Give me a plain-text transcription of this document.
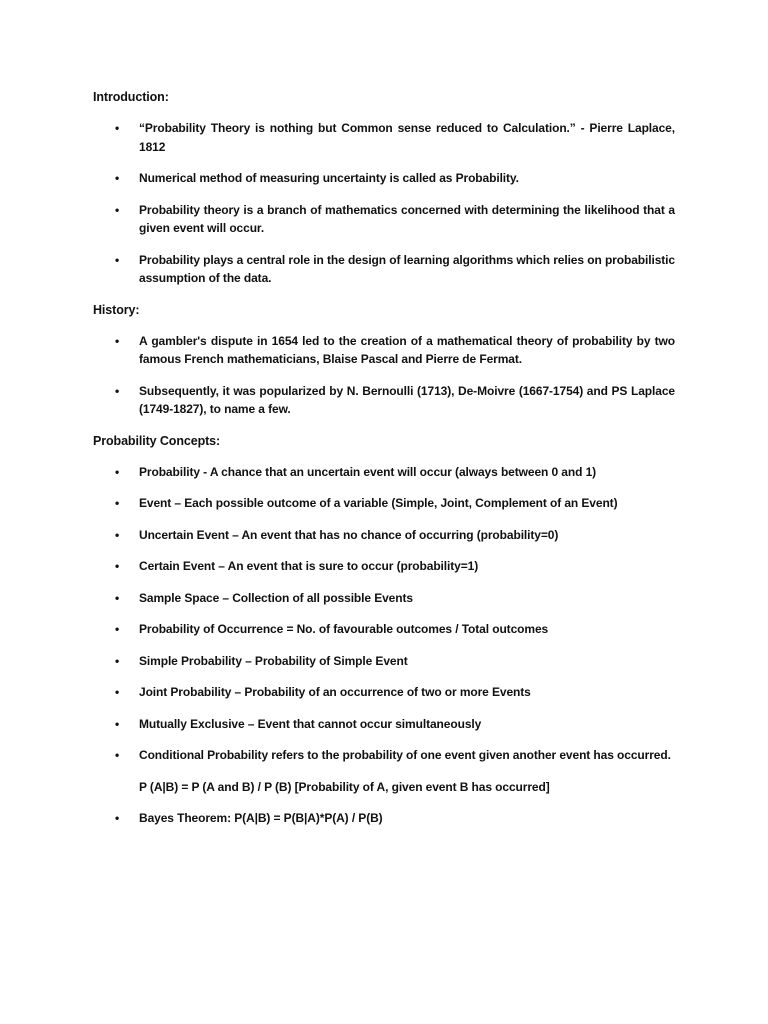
Introduction:
• “Probability Theory is nothing but Common sense reduced to Calculation.” - Pierre Laplace, 1812
• Numerical method of measuring uncertainty is called as Probability.
• Probability theory is a branch of mathematics concerned with determining the likelihood that a given event will occur.
• Probability plays a central role in the design of learning algorithms which relies on probabilistic assumption of the data.
History:
• A gambler's dispute in 1654 led to the creation of a mathematical theory of probability by two famous French mathematicians, Blaise Pascal and Pierre de Fermat.
• Subsequently, it was popularized by N. Bernoulli (1713), De-Moivre (1667-1754) and PS Laplace (1749-1827), to name a few.
Probability Concepts:
• Probability - A chance that an uncertain event will occur (always between 0 and 1)
• Event – Each possible outcome of a variable (Simple, Joint, Complement of an Event)
• Uncertain Event – An event that has no chance of occurring (probability=0)
• Certain Event – An event that is sure to occur (probability=1)
• Sample Space – Collection of all possible Events
• Probability of Occurrence = No. of favourable outcomes / Total outcomes
• Simple Probability – Probability of Simple Event
• Joint Probability – Probability of an occurrence of two or more Events
• Mutually Exclusive – Event that cannot occur simultaneously
• Conditional Probability refers to the probability of one event given another event has occurred.
P (A|B) = P (A and B) / P (B) [Probability of A, given event B has occurred]
• Bayes Theorem: P(A|B) = P(B|A)*P(A) / P(B)
